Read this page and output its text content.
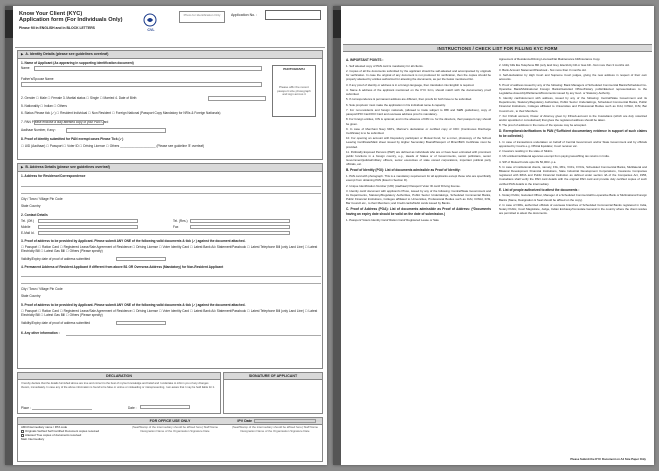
Know Your Client (KYC)
Application form (For Individuals Only)
Please fill in ENGLISH and in BLOCK LETTERS	CVL
Photo for Identification Only	Application No. :
▶ A. Identity Details (please see guidelines overleaf)
1. Name of Applicant (As appearing in supporting identification document)
Name
Father's/Spouse Name
PHOTOGRAPH
Please affix the recent passport size photograph and sign across it
2. Gender ☐ Male ☐ Female 3. Marital status ☐ Single ☐ Married 4. Date of Birth
5. Nationality ☐ Indian ☐ Others
6. Status Please tick (✓) ☐ Resident Individual ☐ Non Resident ☐ Foreign National (Passport Copy Mandatory for NRIs & Foreign Nationals)
7. PAN Please enclose a duly attested copy of your PAN Card
Aadhaar Number, if any :
8. Proof of identity submitted for PAN exempt cases Please Tick (✓)
☐ UID (Aadhaar) ☐ Passport ☐ Voter ID ☐ Driving Licence ☐ Others ____________________ (Please see guideline '8' overleaf)
▶ B. Address Details (please see guidelines overleaf)
1. Address for Residence/Correspondence
City / Town / Village Pin Code
State Country
2. Contact Details
Tel. (Off.)	Tel. (Res.)
Mobile	Fax
E-Mail Id.
3. Proof of address to be provided by Applicant. Please submit ANY ONE of the following valid documents & tick (✓) against the document attached.
☐ Passport ☐ Ration Card ☐ Registered Lease/Sale Agreement of Residence ☐ Driving License ☐ Voter Identity Card ☐ Latest Bank A/c Statement/Passbook ☐ Latest Telephone Bill (only Land Line) ☐ Latest Electricity Bill ☐ Latest Gas Bill ☐ Others (Please specify)
Validity/Expiry date of proof of address submitted
4. Permanent Address of Resident Applicant if different from above B1 OR Overseas Address (Mandatory) for Non-Resident Applicant
City / Town / Village Pin Code
State Country
5. Proof of address to be provided by Applicant. Please submit ANY ONE of the following valid documents & tick (✓) against the document attached.
☐ Passport ☐ Ration Card ☐ Registered Lease/Sale Agreement of Residence ☐ Driving License ☐ Voter Identity Card ☐ Latest Bank A/c Statement/Passbook ☐ Latest Telephone Bill (only Land Line) ☐ Latest Electricity Bill ☐ Latest Gas Bill ☐ Others (Please specify)
Validity/Expiry date of proof of address submitted
6. Any other information :
DECLARATION
I hereby declare that the details furnished above are true and correct to the best of my/our knowledge and belief and I undertake to inform you of any changes therein, immediately. In case any of the above information is found to be false or untrue or misleading or misrepresenting, I am aware that I may be held liable for it.
Place :	Date :
SIGNATURE OF APPLICANT
FOR OFFICE USE ONLY	IPV Date
AMC/Intermediary name / RTA code
Originals Verified Self Certified Document copies received
Attested True copies of documents received
Main Intermediary
(Seal/Stamp of the intermediary should be affixed here) Staff Name Designation Name of the Organisation Signature Date
(Seal/Stamp of the intermediary should be affixed here) Staff Name Designation Name of the Organisation Signature Date
INSTRUCTIONS / CHECK LIST FOR FILLING KYC FORM
A. IMPORTANT POINTS :
1. Self attested copy of PAN card is mandatory for all clients.
2. Copies of all the documents submitted by the applicant should be self-attested and accompanied by originals for verification. In case the original of any document is not produced for verification, then the copies should be properly attested by entities authorized for attesting the documents, as per the below mentioned list.
3. If any proof of identity or address is in a foreign language, then translation into English is required.
4. Name & address of the applicant mentioned on the KYC form, should match with the documentary proof submitted.
5. If correspondence & permanent address are different, then proofs for both have to be submitted.
6. Sole proprietor must make the application in his individual name & capacity.
7. For non-residents and foreign nationals, (allowed to trade subject to RBI and SEBI guidelines), copy of passport/PIO Card/OCI Card and overseas address proof is mandatory.
8. For foreign entities, CIN is optional; and in the absence of DIN no. for the directors, their passport copy should be given.
9. In case of Merchant Navy NRI's, Mariner's declaration or certified copy of CDC (Continuous Discharge Certificate) is to be submitted.
10. For opening an account with Depository participant or Mutual Fund, for a minor, photocopy of the School Leaving Certificate/Mark sheet issued by Higher Secondary Board/Passport of Minor/Birth Certificate must be provided.
11. Politically Exposed Persons (PEP) are defined as individuals who are or have been entrusted with prominent public functions in a foreign country, e.g., Heads of States or of Governments, senior politicians, senior Government/judicial/military officers, senior executives of state owned corporations, important political party officials, etc.
B. Proof of Identity (POI): List of documents admissible as Proof of Identity:
1. PAN card with photograph. This is a mandatory requirement for all applicants except those who are specifically exempt from obtaining PAN (listed in Section D).
2. Unique Identification Number (UID) (Aadhaar)/ Passport/ Voter ID card/ Driving license.
3. Identity card/ document with applicant's Photo, issued by any of the following: Central/State Government and its Departments, Statutory/Regulatory Authorities, Public Sector Undertakings, Scheduled Commercial Banks, Public Financial Institutions, Colleges affiliated to Universities, Professional Bodies such as ICAI, ICWAI, ICSI, Bar Council etc., to their Members; and Credit cards/Debit cards issued by Banks.
C. Proof of Address (POA): List of documents admissible as Proof of Address: (*Documents having an expiry date should be valid on the date of submission.)
1. Passport/ Voters Identity Card/ Ration Card/ Registered Lease or Sale
Agreement of Residence/Driving License/Flat Maintenance bill/Insurance Copy.
2. Utility bills like Telephone Bill (only land line), Electricity bill or Gas bill - Not more than 3 months old.
3. Bank Account Statement/Passbook - Not more than 3 months old.
4. Self-declaration by High Court and Supreme Court judges, giving the new address in respect of their own accounts.
5. Proof of address issued by any of the following: Bank Managers of Scheduled Commercial Banks/Scheduled Co-Operative Bank/Multinational Foreign Banks/Gazetted Officer/Notary public/Elected representatives to the Legislative Assembly/Parliament/Documents issued by any Govt. or Statutory Authority.
6. Identity card/document with address, issued by any of the following: Central/State Government and its Departments, Statutory/Regulatory Authorities, Public Sector Undertakings, Scheduled Commercial Banks, Public Financial Institutions, Colleges affiliated to Universities and Professional Bodies such as ICAI, ICWAI, ICSI, Bar Council etc., to their Members.
7. For FII/sub account, Power of Attorney given by FII/sub-account to the Custodians (which are duly notarized and/or apostiled or consularised) that gives the registered address should be taken.
8. The proof of address in the name of the spouse may be accepted.
D. Exemptions/clarifications to PAN (*Sufficient documentary evidence in support of such claims to be collected.)
1. In case of transactions undertaken on behalf of Central Government and/or State Government and by officials appointed by Courts e.g. Official liquidator, Court receiver etc.
2. Investors residing in the state of Sikkim.
3. UN entities/multilateral agencies exempt from paying taxes/filing tax returns in India.
4. SIP of Mutual Funds upto Rs 50,000/- p.a.
5. In case of institutional clients, namely, FIIs, MFs, VCFs, FVCIs, Scheduled Commercial Banks, Multilateral and Bilateral Development Financial Institutions, State Industrial Development Corporations, Insurance Companies registered with IRDA and Public Financial Institution as defined under section 4A of the Companies Act, 1956, Custodians shall verify the PAN card details with the original PAN card and provide duly certified copies of such verified PAN details to the intermediary.
E. List of people authorized to attest the documents :
1. Notary Public, Gazetted Officer, Manager of a Scheduled Commercial/Co-operative Bank or Multinational Foreign Banks (Name, Designation & Seal should be affixed on the copy).
2. In case of NRIs, authorized officials of overseas branches of Scheduled Commercial Banks registered in India, Notary Public, Court Magistrate, Judge, Indian Embassy/Consulate General in the country where the client resides are permitted to attest the documents.
Please Submit the KYC Document on A4 Size Paper Only
